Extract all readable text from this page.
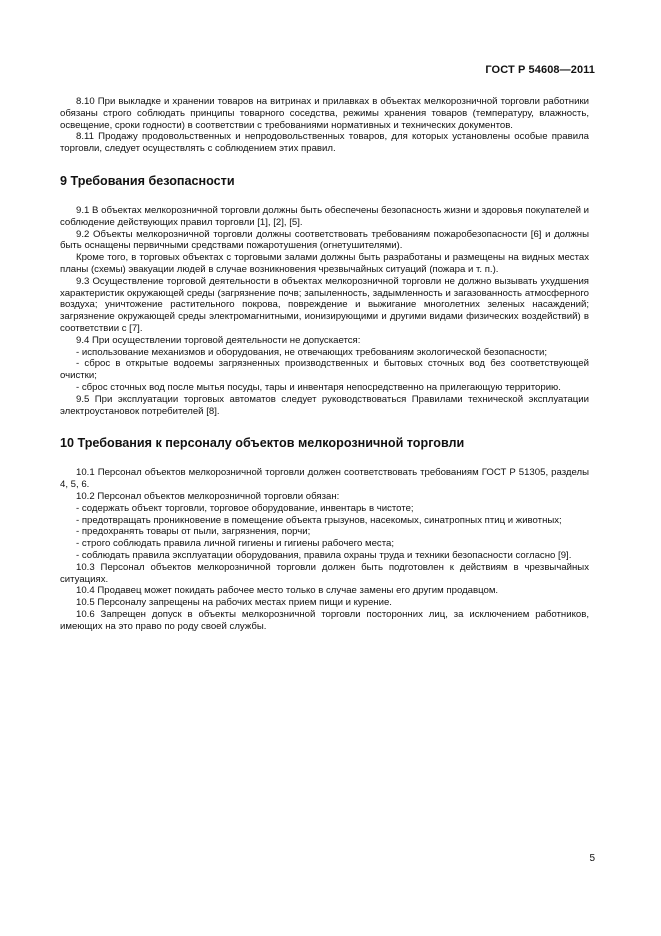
ГОСТ Р 54608—2011

8.10 При выкладке и хранении товаров на витринах и прилавках в объектах мелкорозничной торговли работники обязаны строго соблюдать принципы товарного соседства, режимы хранения товаров (температуру, влажность, освещение, сроки годности) в соответствии с требованиями нормативных и технических документов.

8.11 Продажу продовольственных и непродовольственных товаров, для которых установлены особые правила торговли, следует осуществлять с соблюдением этих правил.

9 Требования безопасности

9.1 В объектах мелкорозничной торговли должны быть обеспечены безопасность жизни и здоровья покупателей и соблюдение действующих правил торговли [1], [2], [5].

9.2 Объекты мелкорозничной торговли должны соответствовать требованиям пожаробезопасности [6] и должны быть оснащены первичными средствами пожаротушения (огнетушителями).

Кроме того, в торговых объектах с торговыми залами должны быть разработаны и размещены на видных местах планы (схемы) эвакуации людей в случае возникновения чрезвычайных ситуаций (пожара и т. п.).

9.3 Осуществление торговой деятельности в объектах мелкорозничной торговли не должно вызывать ухудшения характеристик окружающей среды (загрязнение почв; запыленность, задымленность и загазованность атмосферного воздуха; уничтожение растительного покрова, повреждение и выжигание многолетних зеленых насаждений; загрязнение окружающей среды электромагнитными, ионизирующими и другими видами физических воздействий) в соответствии с [7].

9.4 При осуществлении торговой деятельности не допускается:

- использование механизмов и оборудования, не отвечающих требованиям экологической безопасности;

- сброс в открытые водоемы загрязненных производственных и бытовых сточных вод без соответствующей очистки;

- сброс сточных вод после мытья посуды, тары и инвентаря непосредственно на прилегающую территорию.

9.5 При эксплуатации торговых автоматов следует руководствоваться Правилами технической эксплуатации электроустановок потребителей [8].

10 Требования к персоналу объектов мелкорозничной торговли

10.1 Персонал объектов мелкорозничной торговли должен соответствовать требованиям ГОСТ Р 51305, разделы 4, 5, 6.

10.2 Персонал объектов мелкорозничной торговли обязан:

- содержать объект торговли, торговое оборудование, инвентарь в чистоте;

- предотвращать проникновение в помещение объекта грызунов, насекомых, синатропных птиц и животных;

- предохранять товары от пыли, загрязнения, порчи;

- строго соблюдать правила личной гигиены и гигиены рабочего места;

- соблюдать правила эксплуатации оборудования, правила охраны труда и техники безопасности согласно [9].

10.3 Персонал объектов мелкорозничной торговли должен быть подготовлен к действиям в чрезвычайных ситуациях.

10.4 Продавец может покидать рабочее место только в случае замены его другим продавцом.

10.5 Персоналу запрещены на рабочих местах прием пищи и курение.

10.6 Запрещен допуск в объекты мелкорозничной торговли посторонних лиц, за исключением работников, имеющих на это право по роду своей службы.

5
